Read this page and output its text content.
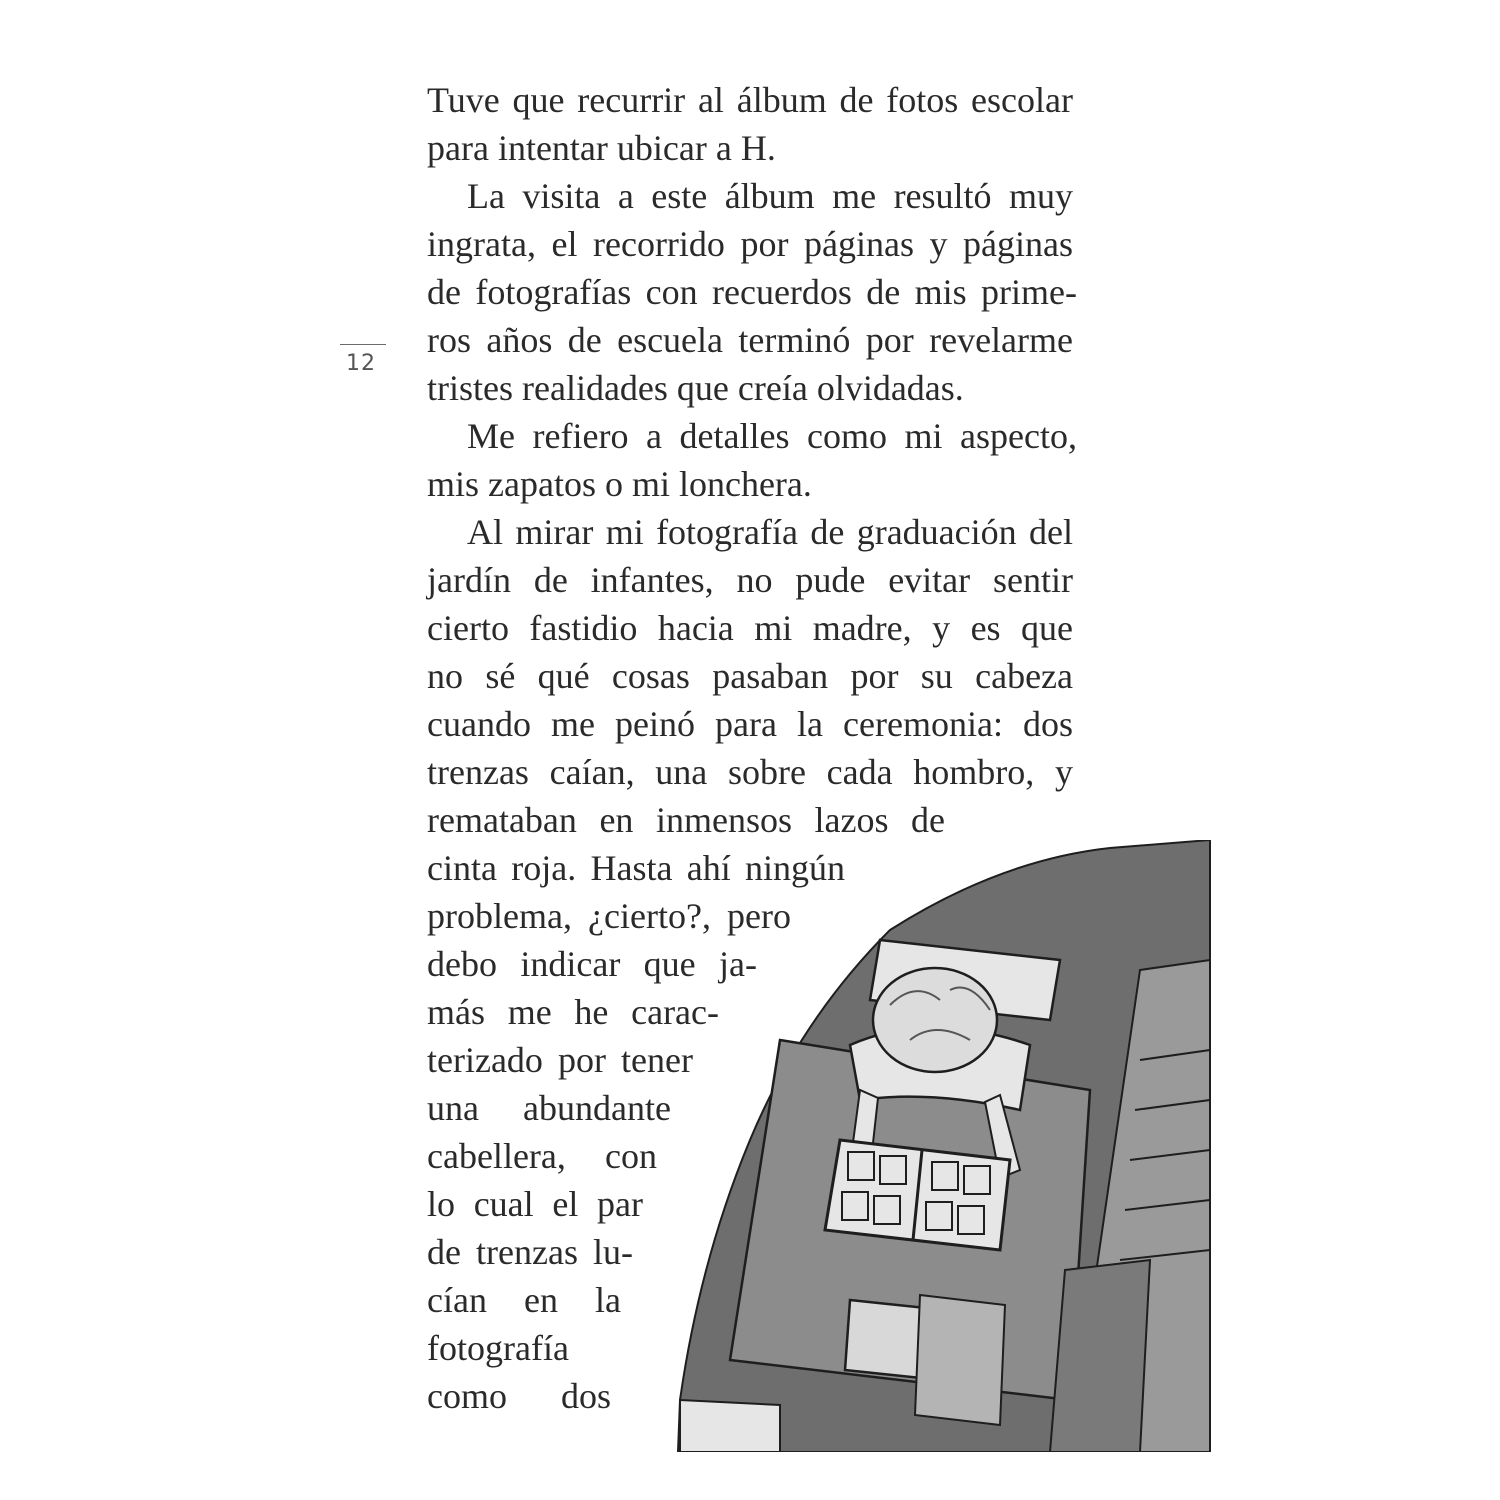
12
Tuve que recurrir al álbum de fotos escolar
para intentar ubicar a H.
La visita a este álbum me resultó muy
ingrata, el recorrido por páginas y páginas
de fotografías con recuerdos de mis prime-
ros años de escuela terminó por revelarme
tristes realidades que creía olvidadas.
Me refiero a detalles como mi aspecto,
mis zapatos o mi lonchera.
Al mirar mi fotografía de graduación del
jardín de infantes, no pude evitar sentir
cierto fastidio hacia mi madre, y es que
no sé qué cosas pasaban por su cabeza
cuando me peinó para la ceremonia: dos
trenzas caían, una sobre cada hombro, y
remataban en inmensos lazos de
cinta roja. Hasta ahí ningún
problema, ¿cierto?, pero
debo indicar que ja-
más me he carac-
terizado por tener
una abundante
cabellera, con
lo cual el par
de trenzas lu-
cían en la
fotografía
como dos
